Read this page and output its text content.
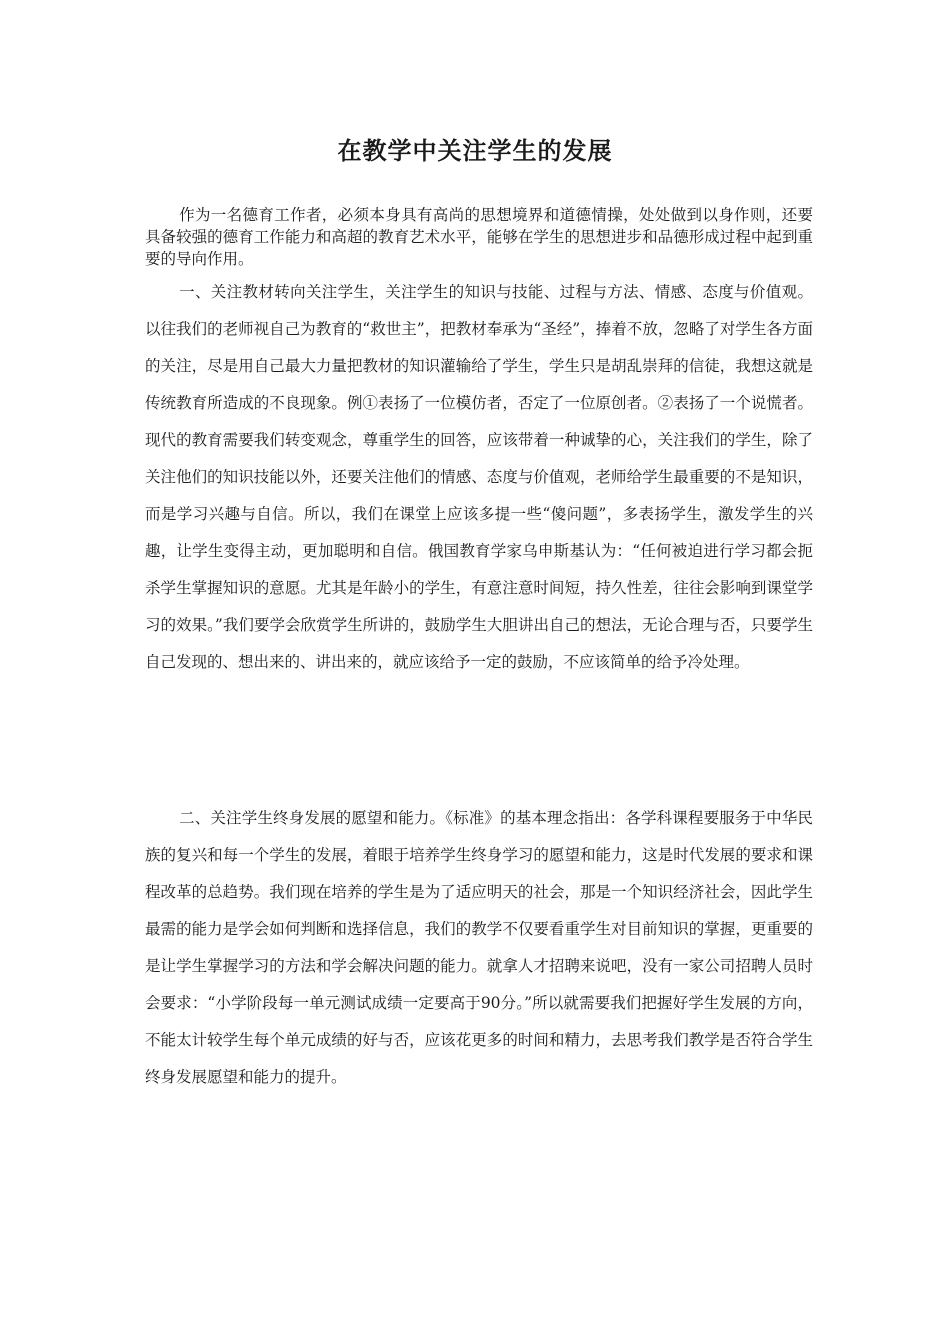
在教学中关注学生的发展

作为一名德育工作者，必须本身具有高尚的思想境界和道德情操，处处做到以身作则，还要具备较强的德育工作能力和高超的教育艺术水平，能够在学生的思想进步和品德形成过程中起到重要的导向作用。

一、关注教材转向关注学生，关注学生的知识与技能、过程与方法、情感、态度与价值观。以往我们的老师视自己为教育的“救世主”，把教材奉承为“圣经”，捧着不放，忽略了对学生各方面的关注，尽是用自己最大力量把教材的知识灌输给了学生，学生只是胡乱崇拜的信徒，我想这就是传统教育所造成的不良现象。例①表扬了一位模仿者，否定了一位原创者。②表扬了一个说慌者。现代的教育需要我们转变观念，尊重学生的回答，应该带着一种诚挚的心，关注我们的学生，除了关注他们的知识技能以外，还要关注他们的情感、态度与价值观，老师给学生最重要的不是知识，而是学习兴趣与自信。所以，我们在课堂上应该多提一些“傻问题”，多表扬学生，激发学生的兴趣，让学生变得主动，更加聪明和自信。俄国教育学家乌申斯基认为：“任何被迫进行学习都会扼杀学生掌握知识的意愿。尤其是年龄小的学生，有意注意时间短，持久性差，往往会影响到课堂学习的效果。”我们要学会欣赏学生所讲的，鼓励学生大胆讲出自己的想法，无论合理与否，只要学生自己发现的、想出来的、讲出来的，就应该给予一定的鼓励，不应该简单的给予冷处理。

二、关注学生终身发展的愿望和能力。《标准》的基本理念指出：各学科课程要服务于中华民族的复兴和每一个学生的发展，着眼于培养学生终身学习的愿望和能力，这是时代发展的要求和课程改革的总趋势。我们现在培养的学生是为了适应明天的社会，那是一个知识经济社会，因此学生最需的能力是学会如何判断和选择信息，我们的教学不仅要看重学生对目前知识的掌握，更重要的是让学生掌握学习的方法和学会解决问题的能力。就拿人才招聘来说吧，没有一家公司招聘人员时会要求：“小学阶段每一单元测试成绩一定要高于90分。”所以就需要我们把握好学生发展的方向，不能太计较学生每个单元成绩的好与否，应该花更多的时间和精力，去思考我们教学是否符合学生终身发展愿望和能力的提升。
